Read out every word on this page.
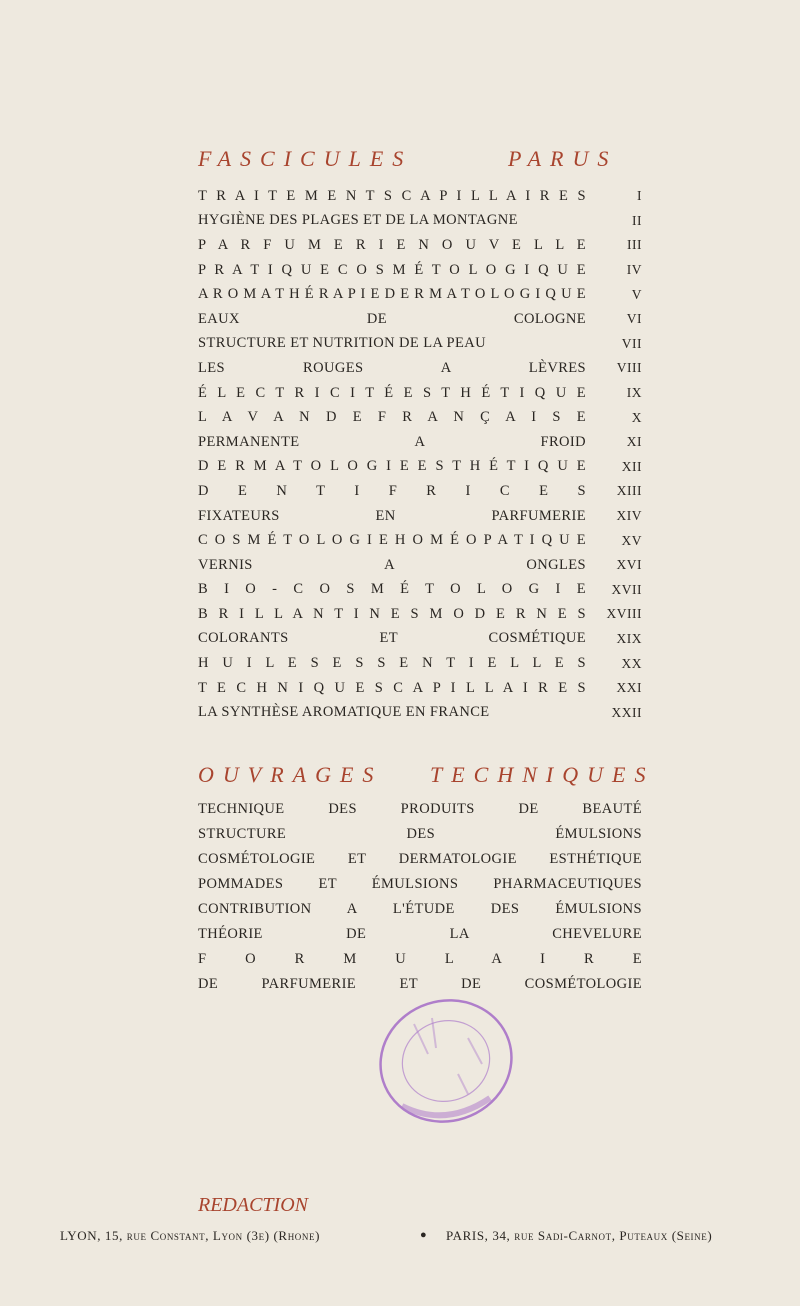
FASCICULES	PARUS
T R A I T E M E N T S C A P I L L A I R E S	I
HYGIÈNE DES PLAGES ET DE LA MONTAGNE	II
P A R F U M E R I E N O U V E L L E	III
P R A T I Q U E C O S M É T O L O G I Q U E	IV
A R O M A T H É R A P I E D E R M A T O L O G I Q U E	V
EAUX DE COLOGNE	VI
STRUCTURE ET NUTRITION DE LA PEAU	VII
LES ROUGES A LÈVRES	VIII
É L E C T R I C I T É E S T H É T I Q U E	IX
L A V A N D E F R A N Ç A I S E	X
PERMANENTE A FROID	XI
D E R M A T O L O G I E E S T H É T I Q U E	XII
D E N T I F R I C E S	XIII
FIXATEURS EN PARFUMERIE	XIV
C O S M É T O L O G I E H O M É O P A T I Q U E	XV
VERNIS A ONGLES	XVI
B I O - C O S M É T O L O G I E	XVII
B R I L L A N T I N E S M O D E R N E S	XVIII
COLORANTS ET COSMÉTIQUE	XIX
H U I L E S E S S E N T I E L L E S	XX
T E C H N I Q U E S C A P I L L A I R E S	XXI
LA SYNTHÈSE AROMATIQUE EN FRANCE	XXII
OUVRAGES TECHNIQUES
TECHNIQUE DES PRODUITS DE BEAUTÉ
STRUCTURE DES ÉMULSIONS
COSMÉTOLOGIE ET DERMATOLOGIE ESTHÉTIQUE
POMMADES ET ÉMULSIONS PHARMACEUTIQUES
CONTRIBUTION A L'ÉTUDE DES ÉMULSIONS
THÉORIE DE LA CHEVELURE
F O R M U L A I R E
DE PARFUMERIE ET DE COSMÉTOLOGIE
REDACTION
LYON, 15, rue Constant, Lyon (3e) (Rhone)	● PARIS, 34, rue Sadi-Carnot, Puteaux (Seine)
